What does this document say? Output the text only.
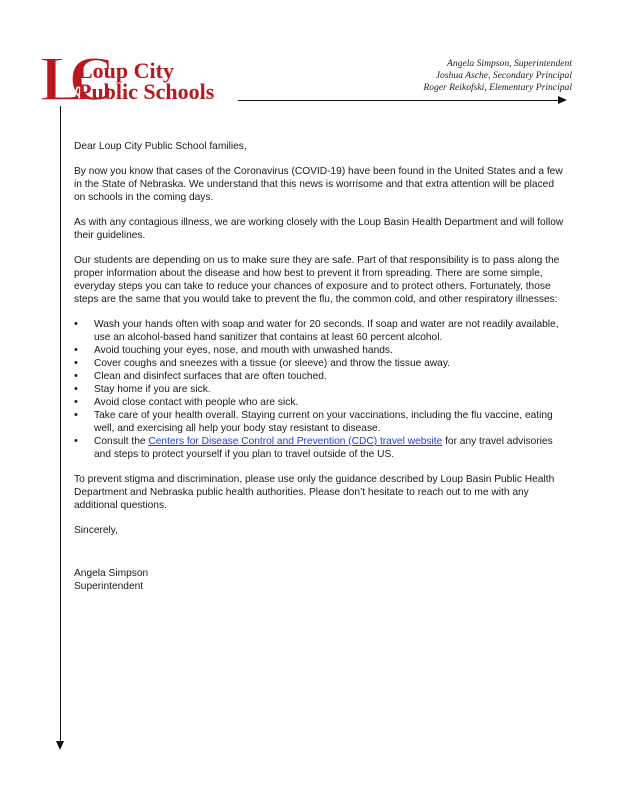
LC
Loup City
Public Schools
Angela Simpson, Superintendent
Joshua Asche, Secondary Principal
Roger Reikofski, Elementary Principal

Dear Loup City Public School families,

By now you know that cases of the Coronavirus (COVID-19) have been found in the United States and a few in the State of Nebraska. We understand that this news is worrisome and that extra attention will be placed on schools in the coming days.

As with any contagious illness, we are working closely with the Loup Basin Health Department and will follow their guidelines.

Our students are depending on us to make sure they are safe. Part of that responsibility is to pass along the proper information about the disease and how best to prevent it from spreading. There are some simple, everyday steps you can take to reduce your chances of exposure and to protect others. Fortunately, those steps are the same that you would take to prevent the flu, the common cold, and other respiratory illnesses:

• Wash your hands often with soap and water for 20 seconds. If soap and water are not readily available, use an alcohol-based hand sanitizer that contains at least 60 percent alcohol.
• Avoid touching your eyes, nose, and mouth with unwashed hands.
• Cover coughs and sneezes with a tissue (or sleeve) and throw the tissue away.
• Clean and disinfect surfaces that are often touched.
• Stay home if you are sick.
• Avoid close contact with people who are sick.
• Take care of your health overall. Staying current on your vaccinations, including the flu vaccine, eating well, and exercising all help your body stay resistant to disease.
• Consult the Centers for Disease Control and Prevention (CDC) travel website for any travel advisories and steps to protect yourself if you plan to travel outside of the US.

To prevent stigma and discrimination, please use only the guidance described by Loup Basin Public Health Department and Nebraska public health authorities. Please don’t hesitate to reach out to me with any additional questions.

Sincerely,

Angela Simpson

Superintendent
